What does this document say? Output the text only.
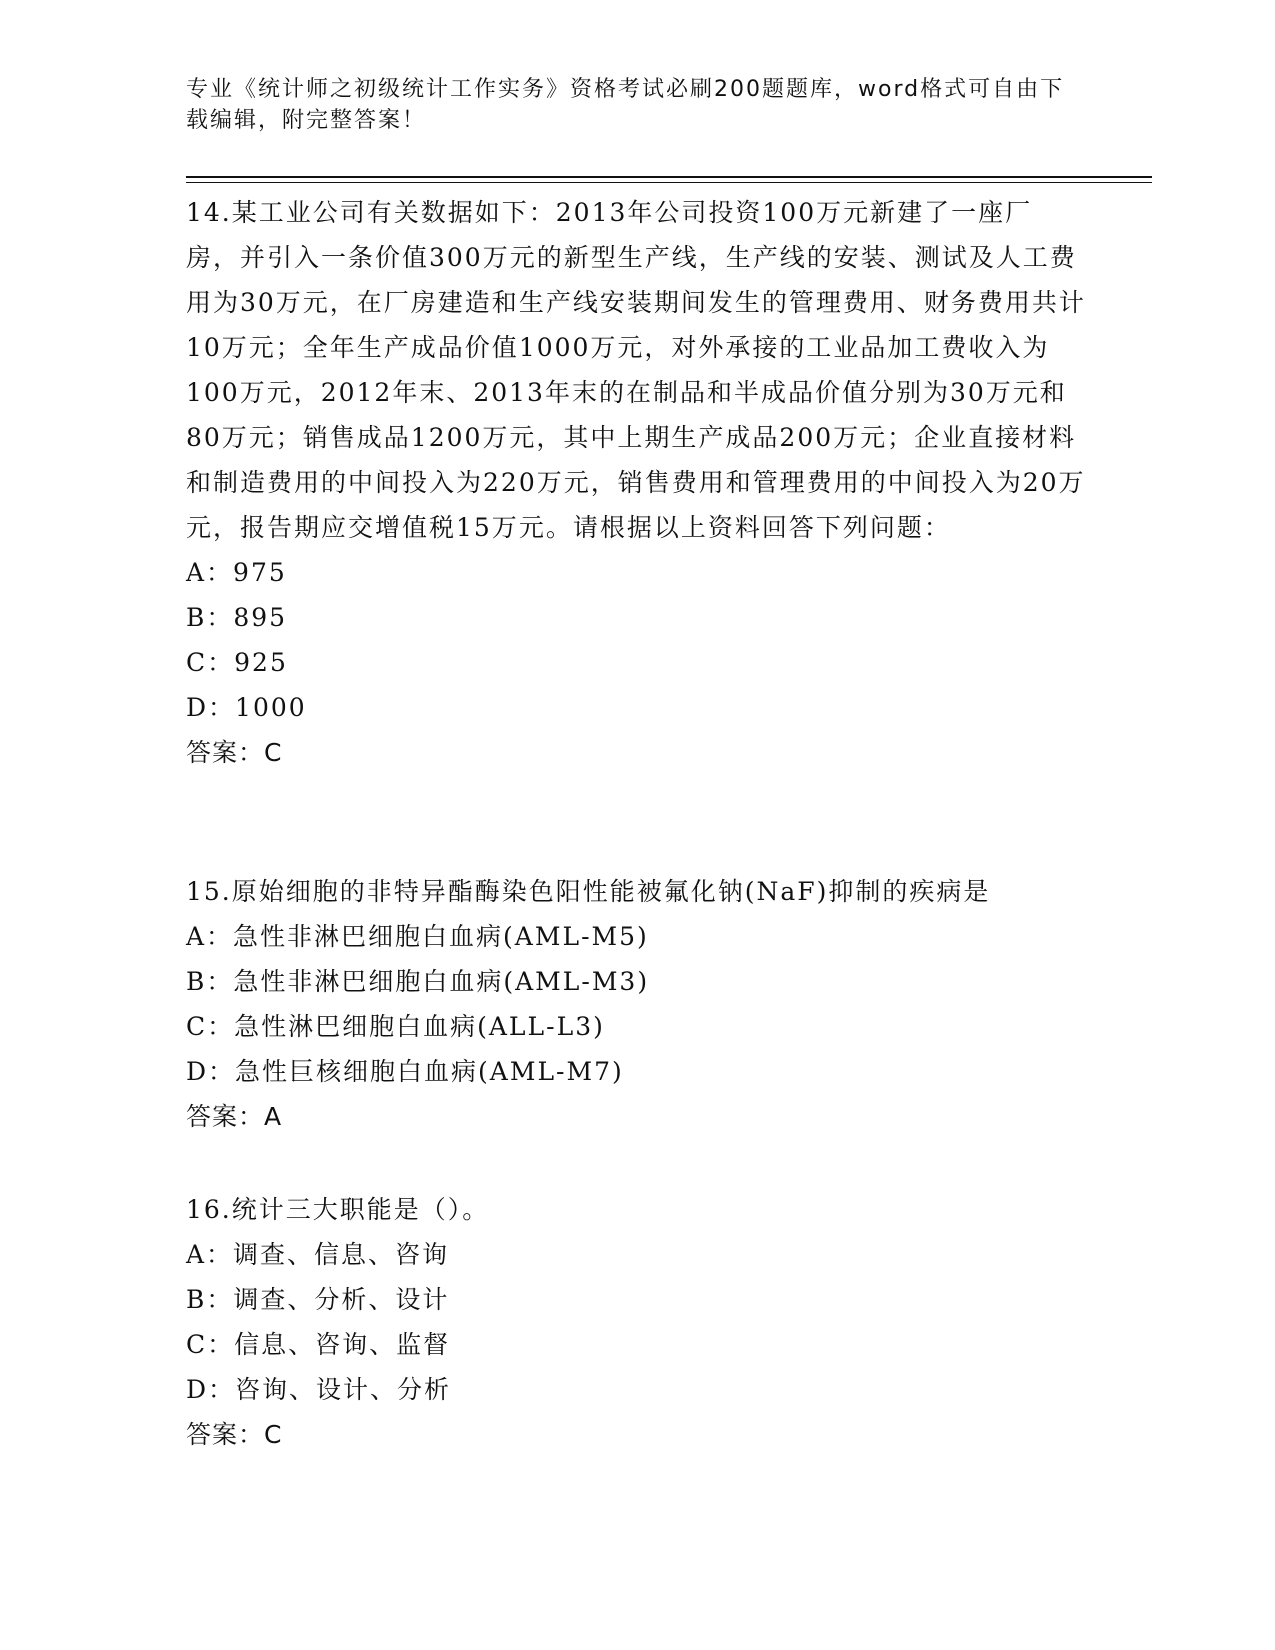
专业《统计师之初级统计工作实务》资格考试必刷200题题库，word格式可自由下载编辑，附完整答案！

14.某工业公司有关数据如下：2013年公司投资100万元新建了一座厂房，并引入一条价值300万元的新型生产线，生产线的安装、测试及人工费用为30万元，在厂房建造和生产线安装期间发生的管理费用、财务费用共计10万元；全年生产成品价值1000万元，对外承接的工业品加工费收入为100万元，2012年末、2013年末的在制品和半成品价值分别为30万元和80万元；销售成品1200万元，其中上期生产成品200万元；企业直接材料和制造费用的中间投入为220万元，销售费用和管理费用的中间投入为20万元，报告期应交增值税15万元。请根据以上资料回答下列问题：

A：975

B：895

C：925

D：1000

答案：C

15.原始细胞的非特异酯酶染色阳性能被氟化钠(NaF)抑制的疾病是

A：急性非淋巴细胞白血病(AML-M5)

B：急性非淋巴细胞白血病(AML-M3)

C：急性淋巴细胞白血病(ALL-L3)

D：急性巨核细胞白血病(AML-M7)

答案：A

16.统计三大职能是（）。

A：调查、信息、咨询

B：调查、分析、设计

C：信息、咨询、监督

D：咨询、设计、分析

答案：C
